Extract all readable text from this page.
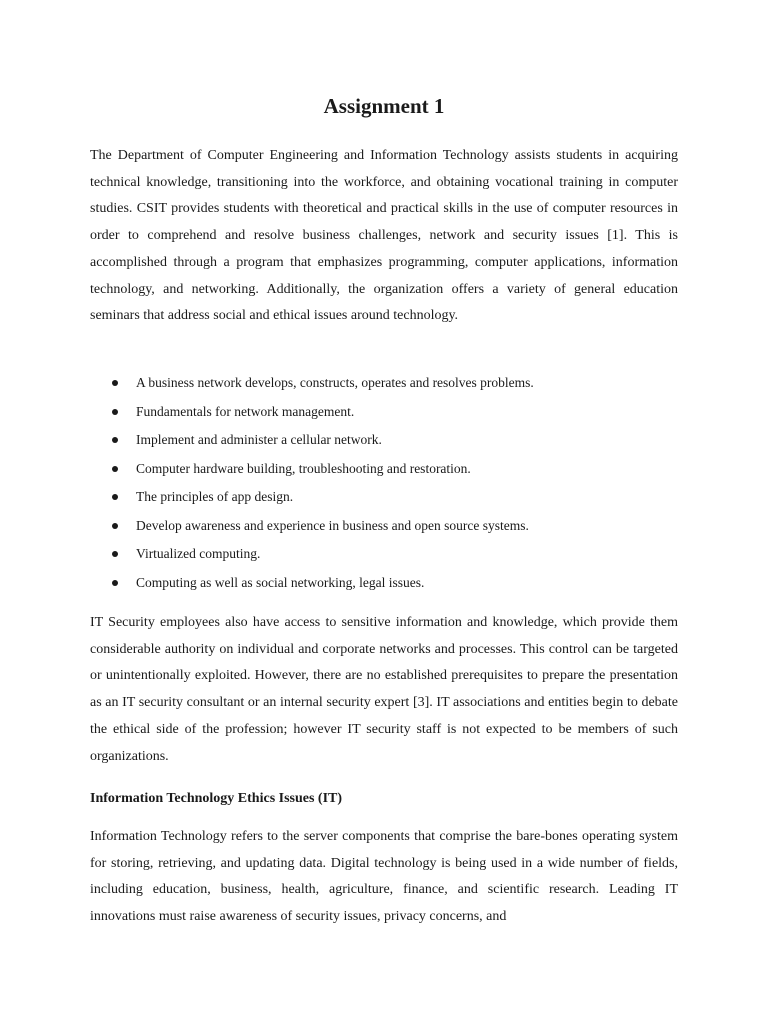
Assignment 1

The Department of Computer Engineering and Information Technology assists students in acquiring technical knowledge, transitioning into the workforce, and obtaining vocational training in computer studies. CSIT provides students with theoretical and practical skills in the use of computer resources in order to comprehend and resolve business challenges, network and security issues [1]. This is accomplished through a program that emphasizes programming, computer applications, information technology, and networking. Additionally, the organization offers a variety of general education seminars that address social and ethical issues around technology.

A business network develops, constructs, operates and resolves problems.
Fundamentals for network management.
Implement and administer a cellular network.
Computer hardware building, troubleshooting and restoration.
The principles of app design.
Develop awareness and experience in business and open source systems.
Virtualized computing.
Computing as well as social networking, legal issues.

IT Security employees also have access to sensitive information and knowledge, which provide them considerable authority on individual and corporate networks and processes. This control can be targeted or unintentionally exploited. However, there are no established prerequisites to prepare the presentation as an IT security consultant or an internal security expert [3]. IT associations and entities begin to debate the ethical side of the profession; however IT security staff is not expected to be members of such organizations.

Information Technology Ethics Issues (IT)

Information Technology refers to the server components that comprise the bare-bones operating system for storing, retrieving, and updating data. Digital technology is being used in a wide number of fields, including education, business, health, agriculture, finance, and scientific research. Leading IT innovations must raise awareness of security issues, privacy concerns, and
